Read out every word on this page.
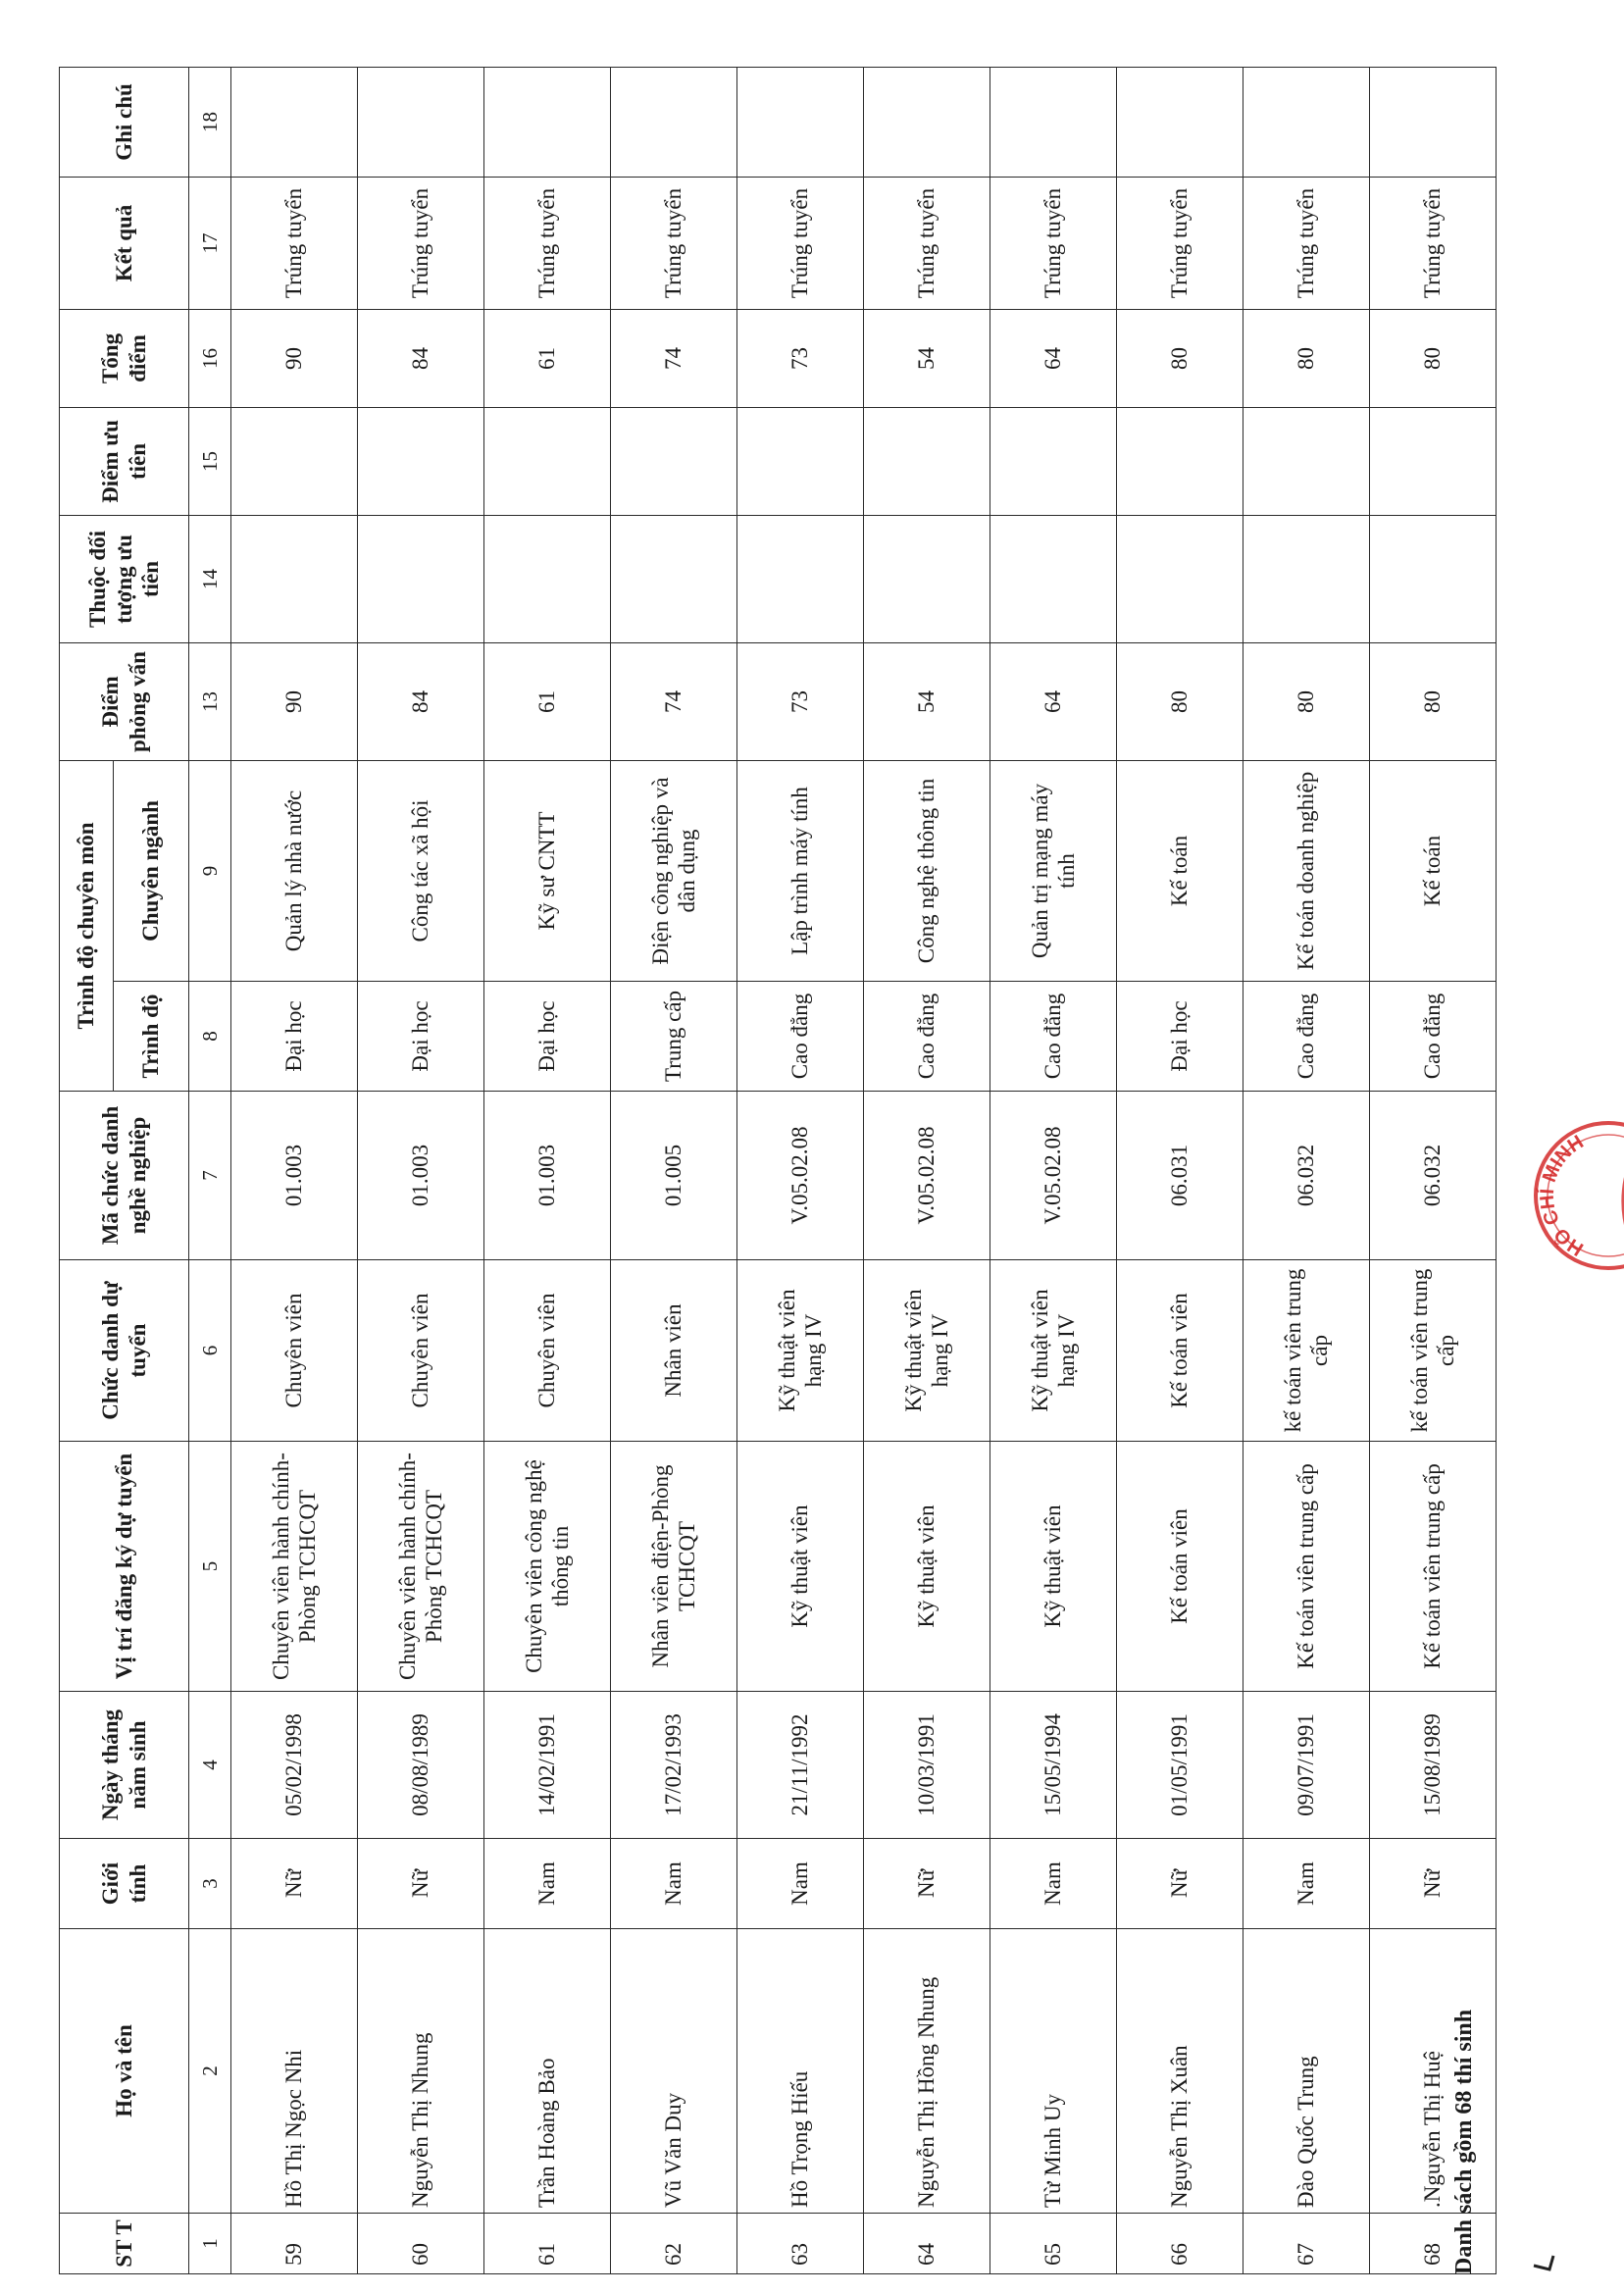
ST T	Họ và tên	Giới tính	Ngày tháng năm sinh	Vị trí đăng ký dự tuyển	Chức danh dự tuyển	Mã chức danh nghề nghiệp	Trình độ chuyên môn		Điểm phỏng vấn	Thuộc đối tượng ưu tiên	Điểm ưu tiên	Tổng điểm	Kết quả	Ghi chú
							Trình độ	Chuyên ngành						
1	2	3	4	5	6	7	8	9	13	14	15	16	17	18
59	Hồ Thị Ngọc Nhi	Nữ	05/02/1998	Chuyên viên hành chính-Phòng TCHCQT	Chuyên viên	01.003	Đại học	Quản lý nhà nước	90			90	Trúng tuyển	
60	Nguyễn Thị Nhung	Nữ	08/08/1989	Chuyên viên hành chính-Phòng TCHCQT	Chuyên viên	01.003	Đại học	Công tác xã hội	84			84	Trúng tuyển	
61	Trần Hoàng Bảo	Nam	14/02/1991	Chuyên viên công nghệ thông tin	Chuyên viên	01.003	Đại học	Kỹ sư CNTT	61			61	Trúng tuyển	
62	Vũ Văn Duy	Nam	17/02/1993	Nhân viên điện-Phòng TCHCQT	Nhân viên	01.005	Trung cấp	Điện công nghiệp và dân dụng	74			74	Trúng tuyển	
63	Hồ Trọng Hiếu	Nam	21/11/1992	Kỹ thuật viên	Kỹ thuật viên hạng IV	V.05.02.08	Cao đẳng	Lập trình máy tính	73			73	Trúng tuyển	
64	Nguyễn Thị Hồng Nhung	Nữ	10/03/1991	Kỹ thuật viên	Kỹ thuật viên hạng IV	V.05.02.08	Cao đẳng	Công nghệ thông tin	54			54	Trúng tuyển	
65	Từ Minh Uy	Nam	15/05/1994	Kỹ thuật viên	Kỹ thuật viên hạng IV	V.05.02.08	Cao đẳng	Quản trị mạng máy tính	64			64	Trúng tuyển	
66	Nguyễn Thị Xuân	Nữ	01/05/1991	Kế toán viên	Kế toán viên	06.031	Đại học	Kế toán	80			80	Trúng tuyển	
67	Đào Quốc Trung	Nam	09/07/1991	Kế toán viên trung cấp	kế toán viên trung cấp	06.032	Cao đẳng	Kế toán doanh nghiệp	80			80	Trúng tuyển	
68	.Nguyễn Thị Huệ	Nữ	15/08/1989	Kế toán viên trung cấp	kế toán viên trung cấp	06.032	Cao đẳng	Kế toán	80			80	Trúng tuyển	
Danh sách gồm 68 thí sinh
HỒ CHÍ MINH
